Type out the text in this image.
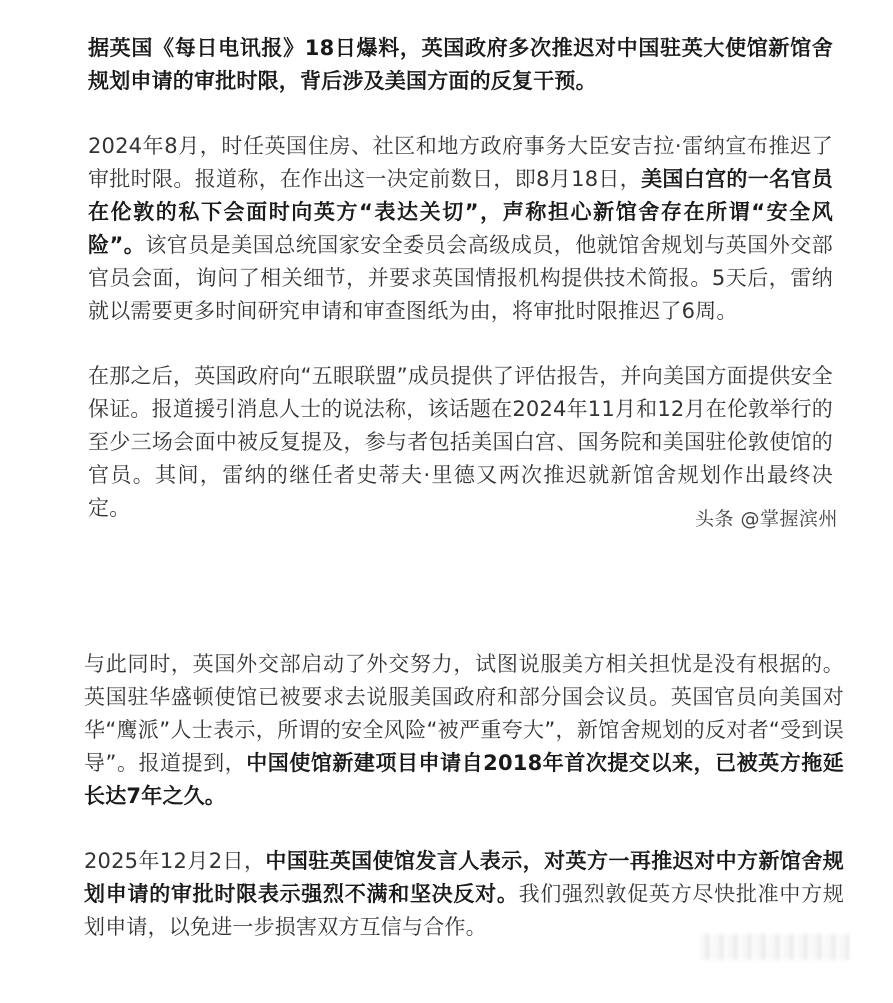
据英国《每日电讯报》18日爆料，英国政府多次推迟对中国驻英大使馆新馆舍规划申请的审批时限，背后涉及美国方面的反复干预。

2024年8月，时任英国住房、社区和地方政府事务大臣安吉拉·雷纳宣布推迟了审批时限。报道称，在作出这一决定前数日，即8月18日，美国白宫的一名官员在伦敦的私下会面时向英方“表达关切”，声称担心新馆舍存在所谓“安全风险”。该官员是美国总统国家安全委员会高级成员，他就馆舍规划与英国外交部官员会面，询问了相关细节，并要求英国情报机构提供技术简报。5天后，雷纳就以需要更多时间研究申请和审查图纸为由，将审批时限推迟了6周。

在那之后，英国政府向“五眼联盟”成员提供了评估报告，并向美国方面提供安全保证。报道援引消息人士的说法称，该话题在2024年11月和12月在伦敦举行的至少三场会面中被反复提及，参与者包括美国白宫、国务院和美国驻伦敦使馆的官员。其间，雷纳的继任者史蒂夫·里德又两次推迟就新馆舍规划作出最终决定。	头条 @掌握滨州

与此同时，英国外交部启动了外交努力，试图说服美方相关担忧是没有根据的。英国驻华盛顿使馆已被要求去说服美国政府和部分国会议员。英国官员向美国对华“鹰派”人士表示，所谓的安全风险“被严重夸大”，新馆舍规划的反对者“受到误导”。报道提到，中国使馆新建项目申请自2018年首次提交以来，已被英方拖延长达7年之久。

2025年12月2日，中国驻英国使馆发言人表示，对英方一再推迟对中方新馆舍规划申请的审批时限表示强烈不满和坚决反对。我们强烈敦促英方尽快批准中方规划申请，以免进一步损害双方互信与合作。
